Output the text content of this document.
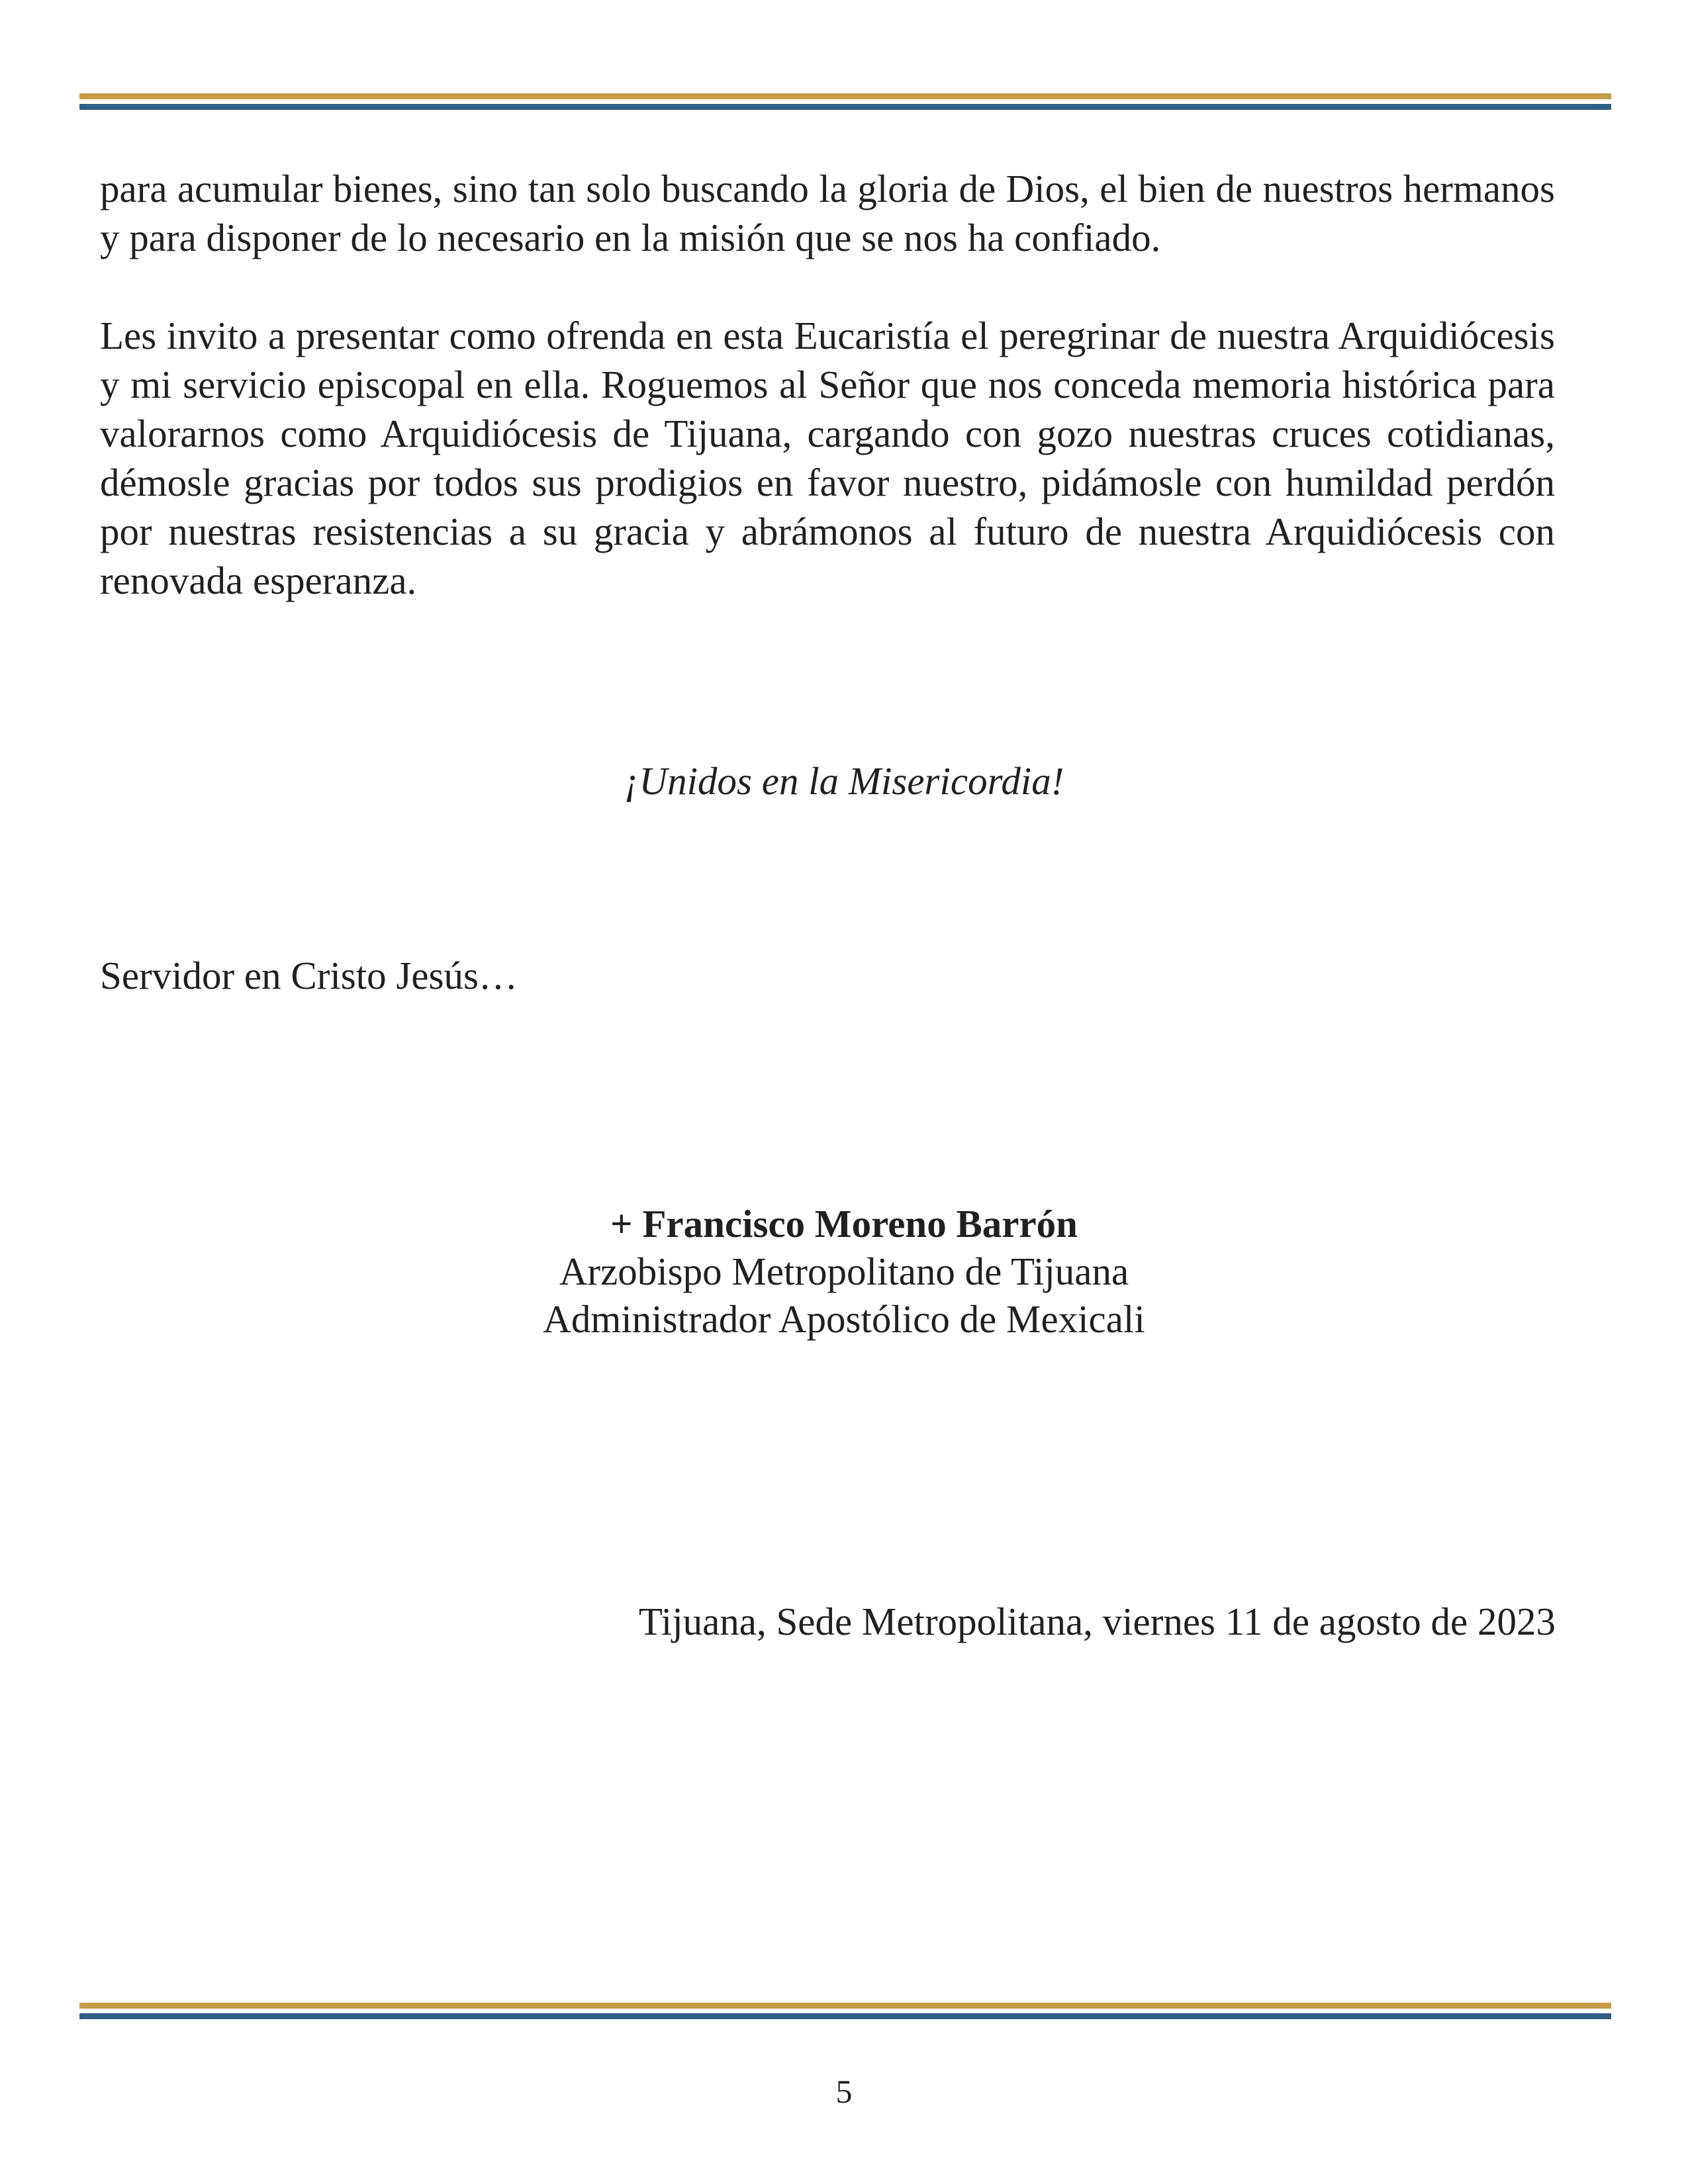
para acumular bienes, sino tan solo buscando la gloria de Dios, el bien de nuestros hermanos y para disponer de lo necesario en la misión que se nos ha confiado.

Les invito a presentar como ofrenda en esta Eucaristía el peregrinar de nuestra Arquidiócesis y mi servicio episcopal en ella. Roguemos al Señor que nos conceda memoria histórica para valorarnos como Arquidiócesis de Tijuana, cargando con gozo nuestras cruces cotidianas, démosle gracias por todos sus prodigios en favor nuestro, pidámosle con humildad perdón por nuestras resistencias a su gracia y abrámonos al futuro de nuestra Arquidiócesis con renovada esperanza.

¡Unidos en la Misericordia!
Servidor en Cristo Jesús…
+ Francisco Moreno Barrón
Arzobispo Metropolitano de Tijuana
Administrador Apostólico de Mexicali
Tijuana, Sede Metropolitana, viernes 11 de agosto de 2023
5
